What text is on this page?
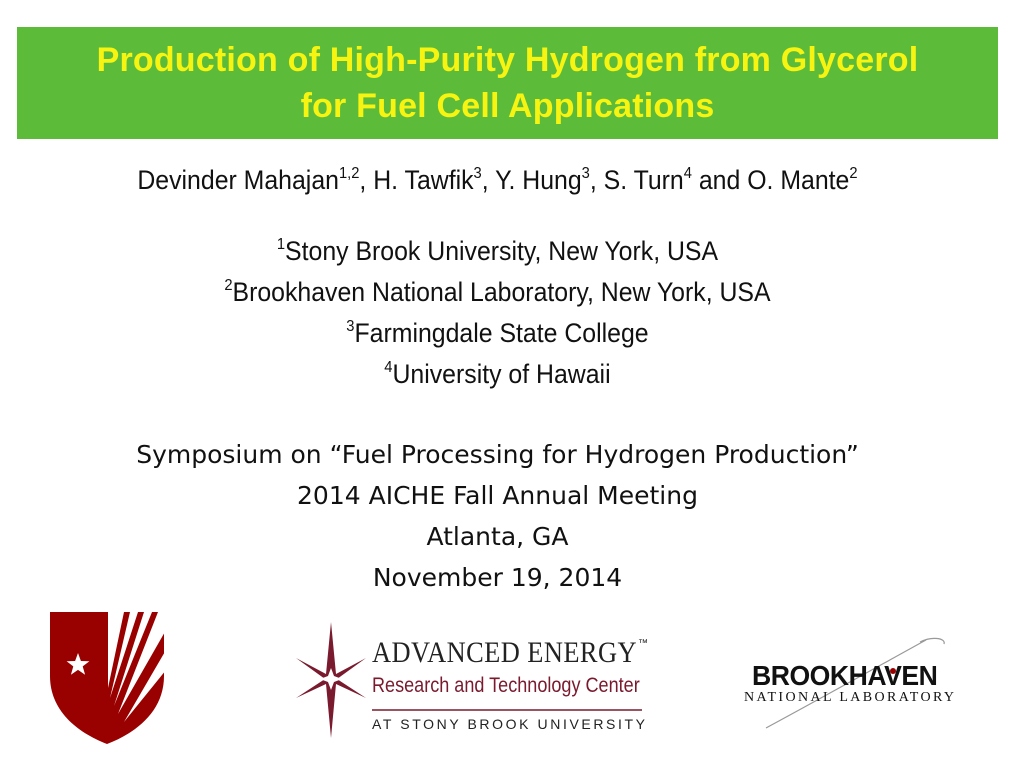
Production of High-Purity Hydrogen from Glycerol
for Fuel Cell Applications
Devinder Mahajan$^{1,2}$, H. Tawfik$^3$, Y. Hung$^3$, S. Turn$^4$ and O. Mante$^2$
$^1$Stony Brook University, New York, USA
$^2$Brookhaven National Laboratory, New York, USA
$^3$Farmingdale State College
$^4$University of Hawaii
Symposium on “Fuel Processing for Hydrogen Production”
2014 AICHE Fall Annual Meeting
Atlanta, GA
November 19, 2014
ADVANCED ENERGY ™
Research and Technology Center
AT STONY BROOK UNIVERSITY
BROOKHAVEN
NATIONAL LABORATORY
